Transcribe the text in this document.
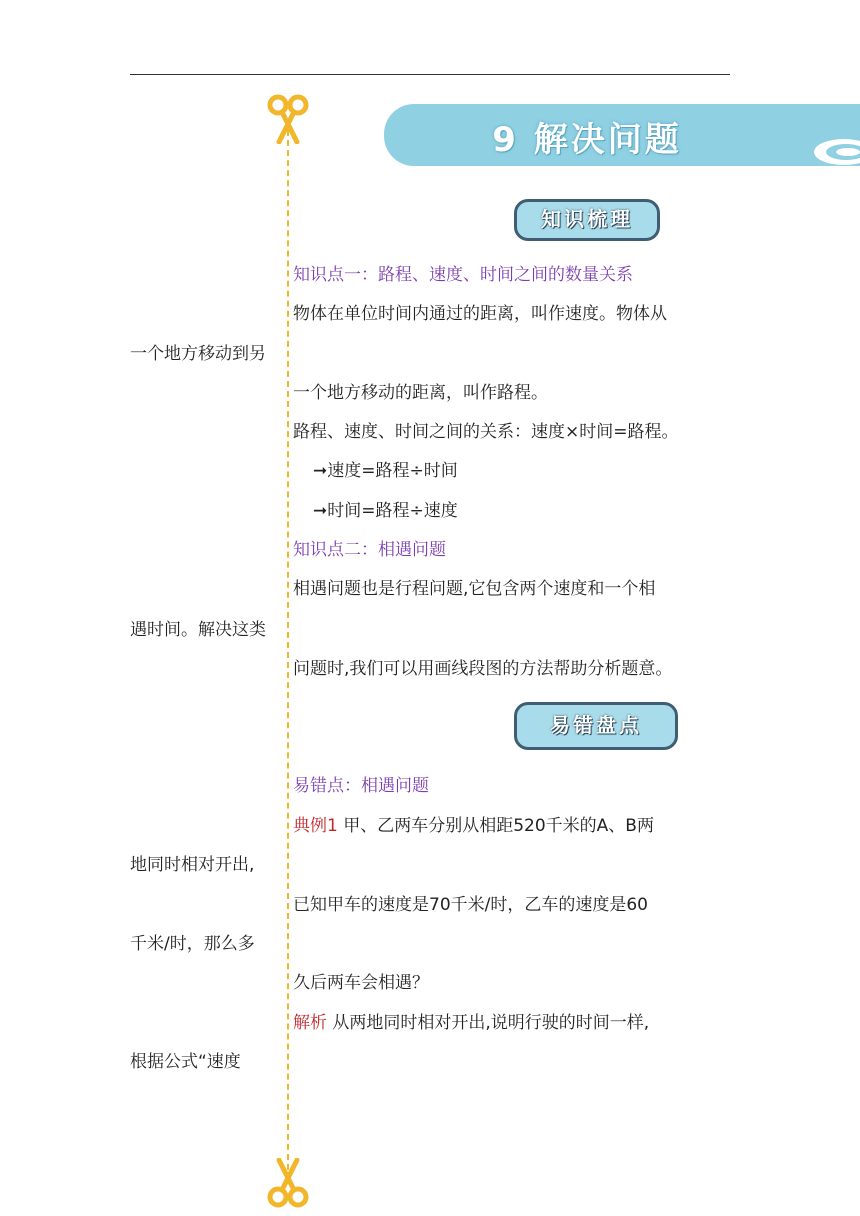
9 解决问题
知识梳理
易错盘点
知识点一：路程、速度、时间之间的数量关系
物体在单位时间内通过的距离，叫作速度。物体从
一个地方移动到另
一个地方移动的距离，叫作路程。
路程、速度、时间之间的关系：速度×时间=路程。
➞速度=路程÷时间
➞时间=路程÷速度
知识点二：相遇问题
相遇问题也是行程问题,它包含两个速度和一个相
遇时间。解决这类
问题时,我们可以用画线段图的方法帮助分析题意。
易错点：相遇问题
典例1 甲、乙两车分别从相距520千米的A、B两
地同时相对开出,
已知甲车的速度是70千米/时，乙车的速度是60
千米/时，那么多
久后两车会相遇？
解析 从两地同时相对开出,说明行驶的时间一样,
根据公式“速度
